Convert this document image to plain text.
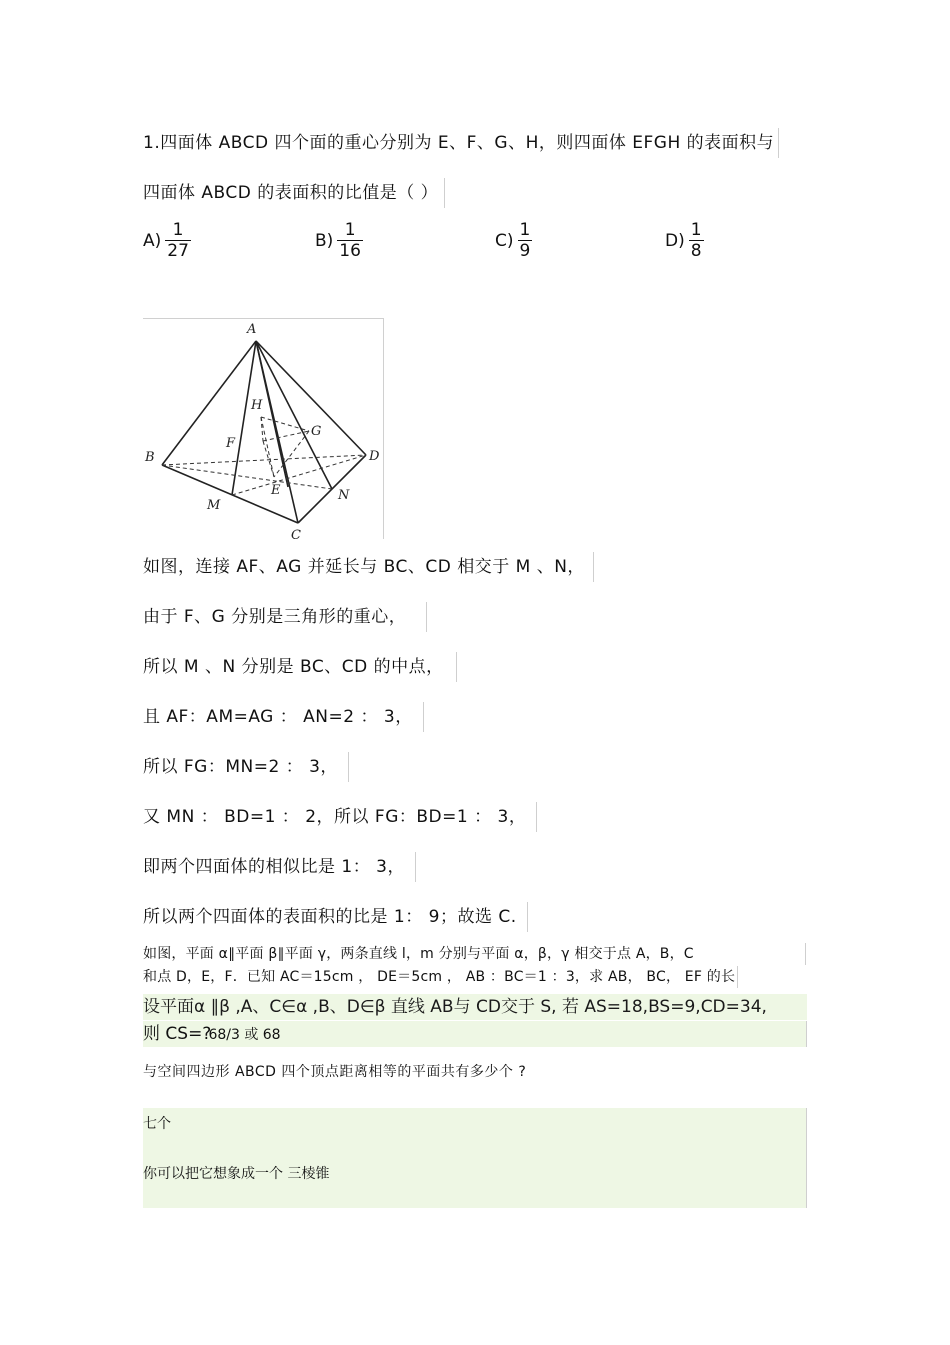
1.四面体 ABCD 四个面的重心分别为 E、F、G、H，则四面体 EFGH 的表面积与
四面体 ABCD 的表面积的比值是（ ）
$A) \frac{1}{27}$	$B) \frac{1}{16}$	$C) \frac{1}{9}$	$D) \frac{1}{8}$
A
B
C
D
E
F
G
H
M
N
如图，连接 AF、AG 并延长与 BC、CD 相交于 M 、N，
由于 F、G 分别是三角形的重心，
所以 M 、N 分别是 BC、CD 的中点，
且 AF：AM=AG ： AN=2 ： 3，
所以 FG：MN=2 ： 3，
又 MN ： BD=1 ： 2，所以 FG：BD=1 ： 3，
即两个四面体的相似比是 1： 3，
所以两个四面体的表面积的比是 1： 9；故选 C.
如图，平面 α∥平面 β∥平面 γ，两条直线 l，m 分别与平面 α，β，γ 相交于点 A，B，C
和点 D，E，F．已知 AC＝15cm ， DE＝5cm ， AB ：BC＝1 ：3，求 AB， BC， EF 的长
设平面α ∥β ,A、C∈α ,B、D∈β 直线 AB与 CD交于 S, 若 AS=18,BS=9,CD=34,
则 CS=? 68/3 或 68
与空间四边形 ABCD 四个顶点距离相等的平面共有多少个 ?
七个
你可以把它想象成一个 三棱锥
